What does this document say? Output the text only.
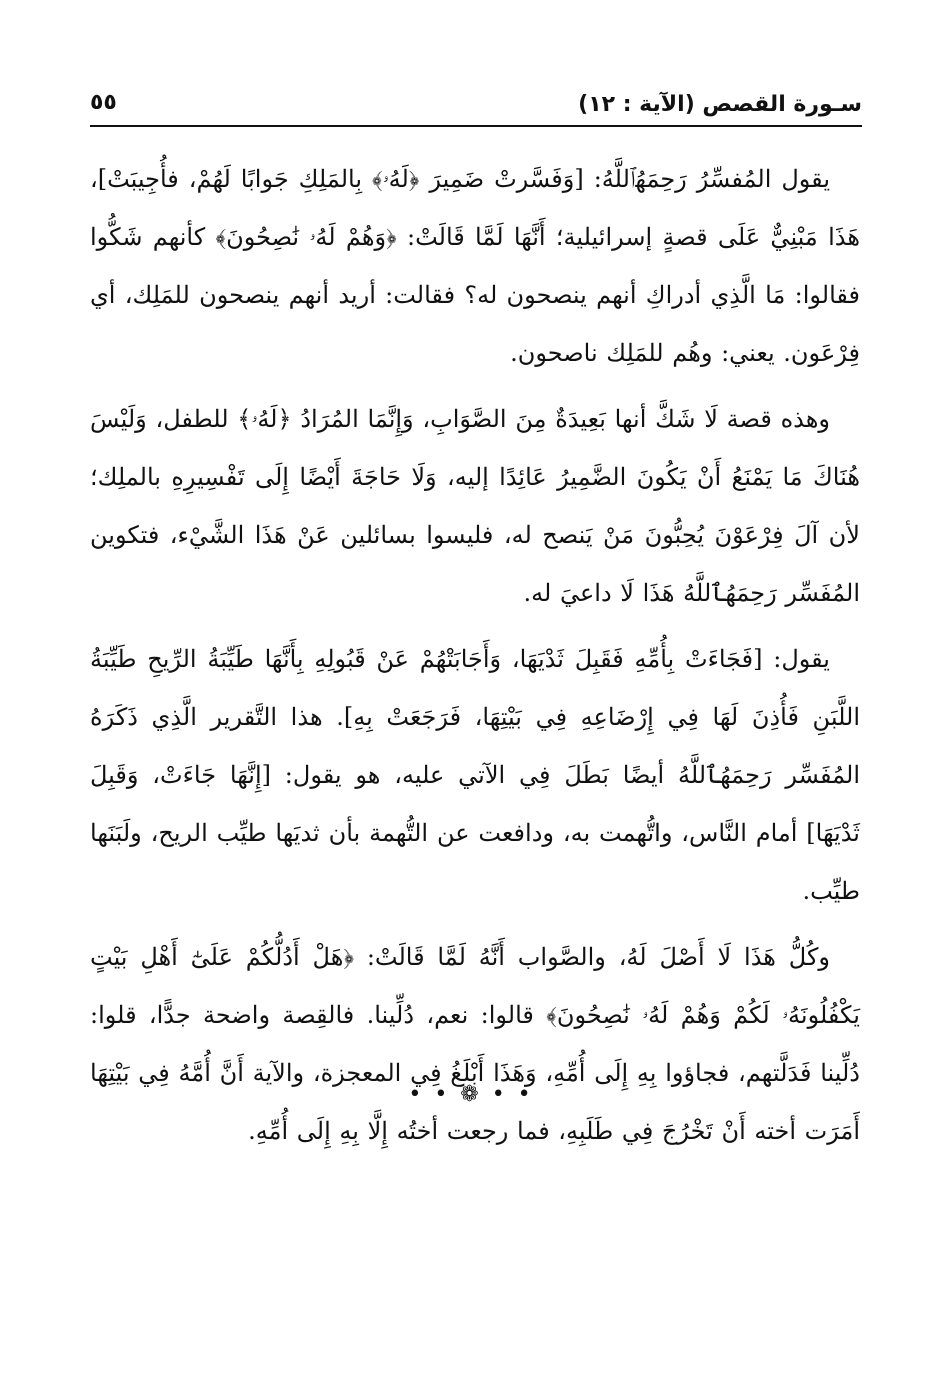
سـورة القصص (الآية : ١٢)
٥٥

يقول المُفسِّرُ رَحِمَهُٱللَّهُ: [وَفَسَّرتْ ضَمِيرَ ﴿لَهُۥ﴾ بِالمَلِكِ جَوابًا لَهُمْ، فأُجِيبَتْ]، هَذَا مَبْنِيٌّ عَلَى قصةٍ إسرائيلية؛ أَنَّهَا لَمَّا قَالَتْ: ﴿وَهُمْ لَهُۥ نَٰصِحُونَ﴾ كأنهم شَكُّوا فقالوا: مَا الَّذِي أدراكِ أنهم ينصحون له؟ فقالت: أريد أنهم ينصحون للمَلِك، أي فِرْعَون. يعني: وهُم للمَلِك ناصحون.

وهذه قصة لَا شَكَّ أنها بَعِيدَةٌ مِنَ الصَّوَابِ، وَإِنَّمَا المُرَادُ ﴿لَهُۥ﴾ للطفل، وَلَيْسَ هُنَاكَ مَا يَمْنَعُ أَنْ يَكُونَ الضَّمِيرُ عَائِدًا إليه، وَلَا حَاجَةَ أَيْضًا إِلَى تَفْسِيرِهِ بالملِك؛ لأن آلَ فِرْعَوْنَ يُحِبُّونَ مَنْ يَنصح له، فليسوا بسائلين عَنْ هَذَا الشَّيْء، فتكوين المُفَسِّر رَحِمَهُٱللَّهُ هَذَا لَا داعيَ له.

يقول: [فَجَاءَتْ بِأُمِّهِ فَقَبِلَ ثَدْيَهَا، وَأَجَابَتْهُمْ عَنْ قَبُولِهِ بِأَنَّهَا طَيِّبَةُ الرِّيحِ طَيِّبَةُ اللَّبَنِ فَأُذِنَ لَهَا فِي إِرْضَاعِهِ فِي بَيْتِهَا، فَرَجَعَتْ بِهِ]. هذا التَّقرير الَّذِي ذَكَرَهُ المُفَسِّر رَحِمَهُٱللَّهُ أيضًا بَطَلَ فِي الآتي عليه، هو يقول: [إِنَّهَا جَاءَتْ، وَقَبِلَ ثَدْيَهَا] أمام النَّاس، واتُّهمت به، ودافعت عن التُّهمة بأن ثديَها طيِّب الريح، ولَبَنَها طيِّب.

وكُلُّ هَذَا لَا أَصْلَ لَهُ، والصَّواب أَنَّهُ لَمَّا قَالَتْ: ﴿هَلْ أَدُلُّكُمْ عَلَىٰٓ أَهْلِ بَيْتٍ يَكْفُلُونَهُۥ لَكُمْ وَهُمْ لَهُۥ نَٰصِحُونَ﴾ قالوا: نعم، دُلِّينا. فالقِصة واضحة جدًّا، قلوا: دُلِّينا فَدَلَّتهم، فجاؤوا بِهِ إِلَى أُمِّهِ، وَهَذَا أَبْلَغُ فِي المعجزة، والآية أَنَّ أُمَّهُ فِي بَيْتِهَا أَمَرَت أخته أَنْ تَخْرُجَ فِي طَلَبِهِ، فما رجعت أختُه إِلَّا بِهِ إِلَى أُمِّهِ.

• • ❁ • •
